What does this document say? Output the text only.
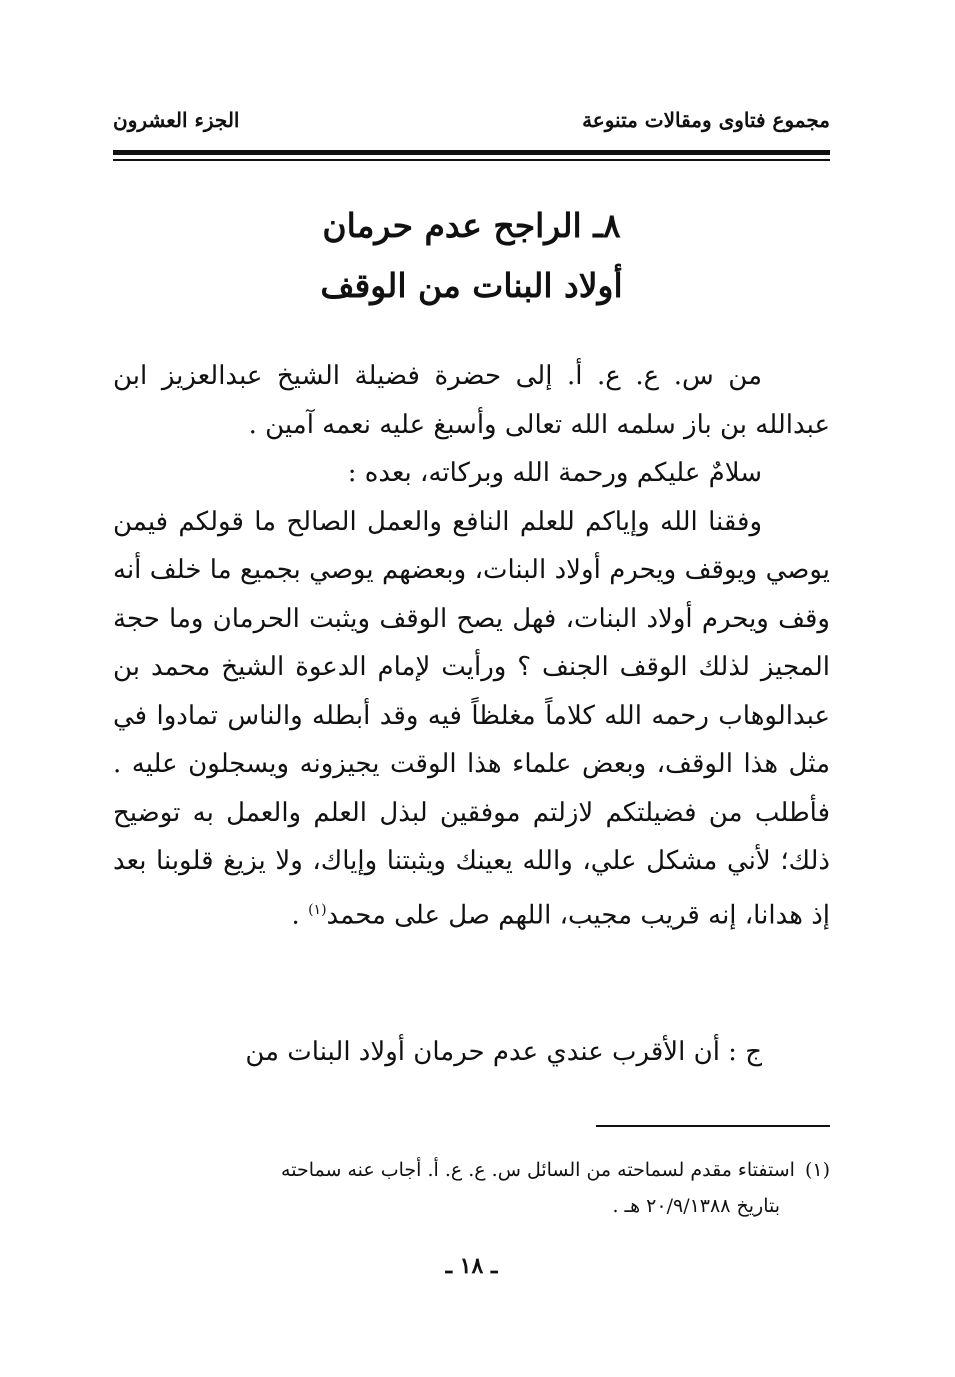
مجموع فتاوى ومقالات متنوعة
الجزء العشرون
٨ـ الراجح عدم حرمان
أولاد البنات من الوقف

من س. ع. ع. أ. إلى حضرة فضيلة الشيخ عبدالعزيز ابن عبدالله بن باز سلمه الله تعالى وأسبغ عليه نعمه آمين .

سلامٌ عليكم ورحمة الله وبركاته، بعده :

وفقنا الله وإياكم للعلم النافع والعمل الصالح ما قولكم فيمن يوصي ويوقف ويحرم أولاد البنات، وبعضهم يوصي بجميع ما خلف أنه وقف ويحرم أولاد البنات، فهل يصح الوقف ويثبت الحرمان وما حجة المجيز لذلك الوقف الجنف ؟ ورأيت لإمام الدعوة الشيخ محمد بن عبدالوهاب رحمه الله كلاماً مغلظاً فيه وقد أبطله والناس تمادوا في مثل هذا الوقف، وبعض علماء هذا الوقت يجيزونه ويسجلون عليه . فأطلب من فضيلتكم لازلتم موفقين لبذل العلم والعمل به توضيح ذلك؛ لأني مشكل علي، والله يعينك ويثبتنا وإياك، ولا يزيغ قلوبنا بعد إذ هدانا، إنه قريب مجيب، اللهم صل على محمد$^{(١)}$ .

ج : أن الأقرب عندي عدم حرمان أولاد البنات من
(١)استفتاء مقدم لسماحته من السائل س. ع. ع. أ. أجاب عنه سماحته
بتاريخ ٢٠/٩/١٣٨٨ هـ .
ـ ١٨ ـ
